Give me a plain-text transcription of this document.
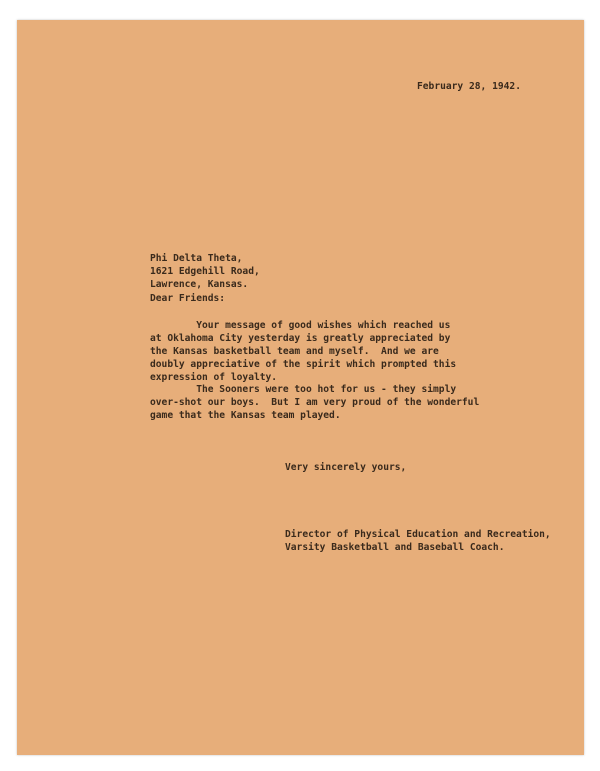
February 28, 1942.
Phi Delta Theta,
1621 Edgehill Road,
Lawrence, Kansas.
Dear Friends:
Your message of good wishes which reached us
at Oklahoma City yesterday is greatly appreciated by
the Kansas basketball team and myself.  And we are
doubly appreciative of the spirit which prompted this
expression of loyalty.
The Sooners were too hot for us - they simply
over-shot our boys.  But I am very proud of the wonderful
game that the Kansas team played.
Very sincerely yours,
Director of Physical Education and Recreation,
Varsity Basketball and Baseball Coach.
